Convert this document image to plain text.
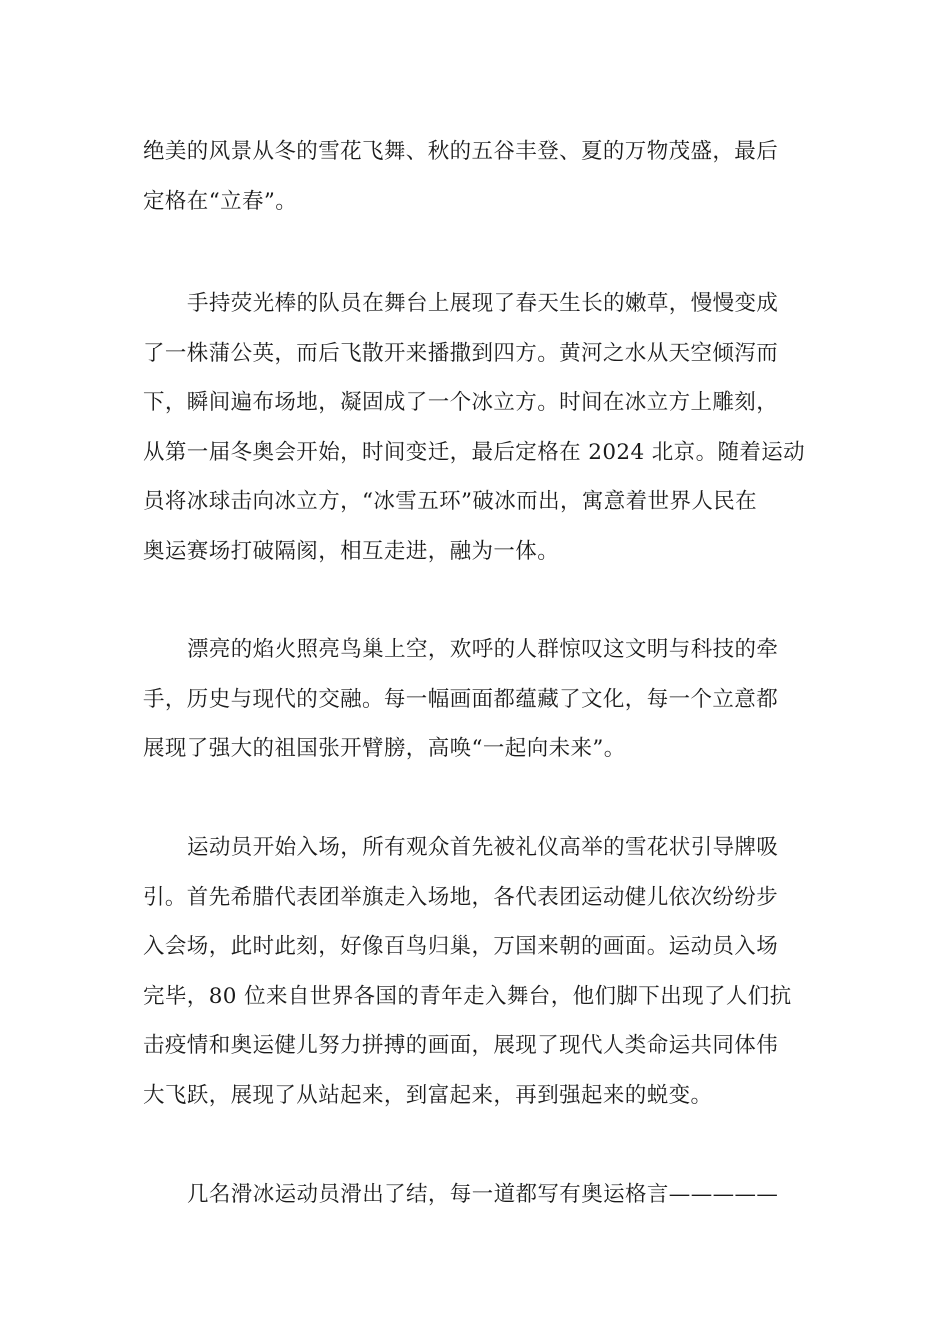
绝美的风景从冬的雪花飞舞、秋的五谷丰登、夏的万物茂盛，最后
定格在“立春”。

手持荧光棒的队员在舞台上展现了春天生长的嫩草，慢慢变成
了一株蒲公英，而后飞散开来播撒到四方。黄河之水从天空倾泻而
下，瞬间遍布场地，凝固成了一个冰立方。时间在冰立方上雕刻，
从第一届冬奥会开始，时间变迁，最后定格在 2024 北京。随着运动
员将冰球击向冰立方，“冰雪五环”破冰而出，寓意着世界人民在
奥运赛场打破隔阂，相互走进，融为一体。

漂亮的焰火照亮鸟巢上空，欢呼的人群惊叹这文明与科技的牵
手，历史与现代的交融。每一幅画面都蕴藏了文化，每一个立意都
展现了强大的祖国张开臂膀，高唤“一起向未来”。

运动员开始入场，所有观众首先被礼仪高举的雪花状引导牌吸
引。首先希腊代表团举旗走入场地，各代表团运动健儿依次纷纷步
入会场，此时此刻，好像百鸟归巢，万国来朝的画面。运动员入场
完毕，80 位来自世界各国的青年走入舞台，他们脚下出现了人们抗
击疫情和奥运健儿努力拼搏的画面，展现了现代人类命运共同体伟
大飞跃，展现了从站起来，到富起来，再到强起来的蜕变。

几名滑冰运动员滑出了结，每一道都写有奥运格言—————
